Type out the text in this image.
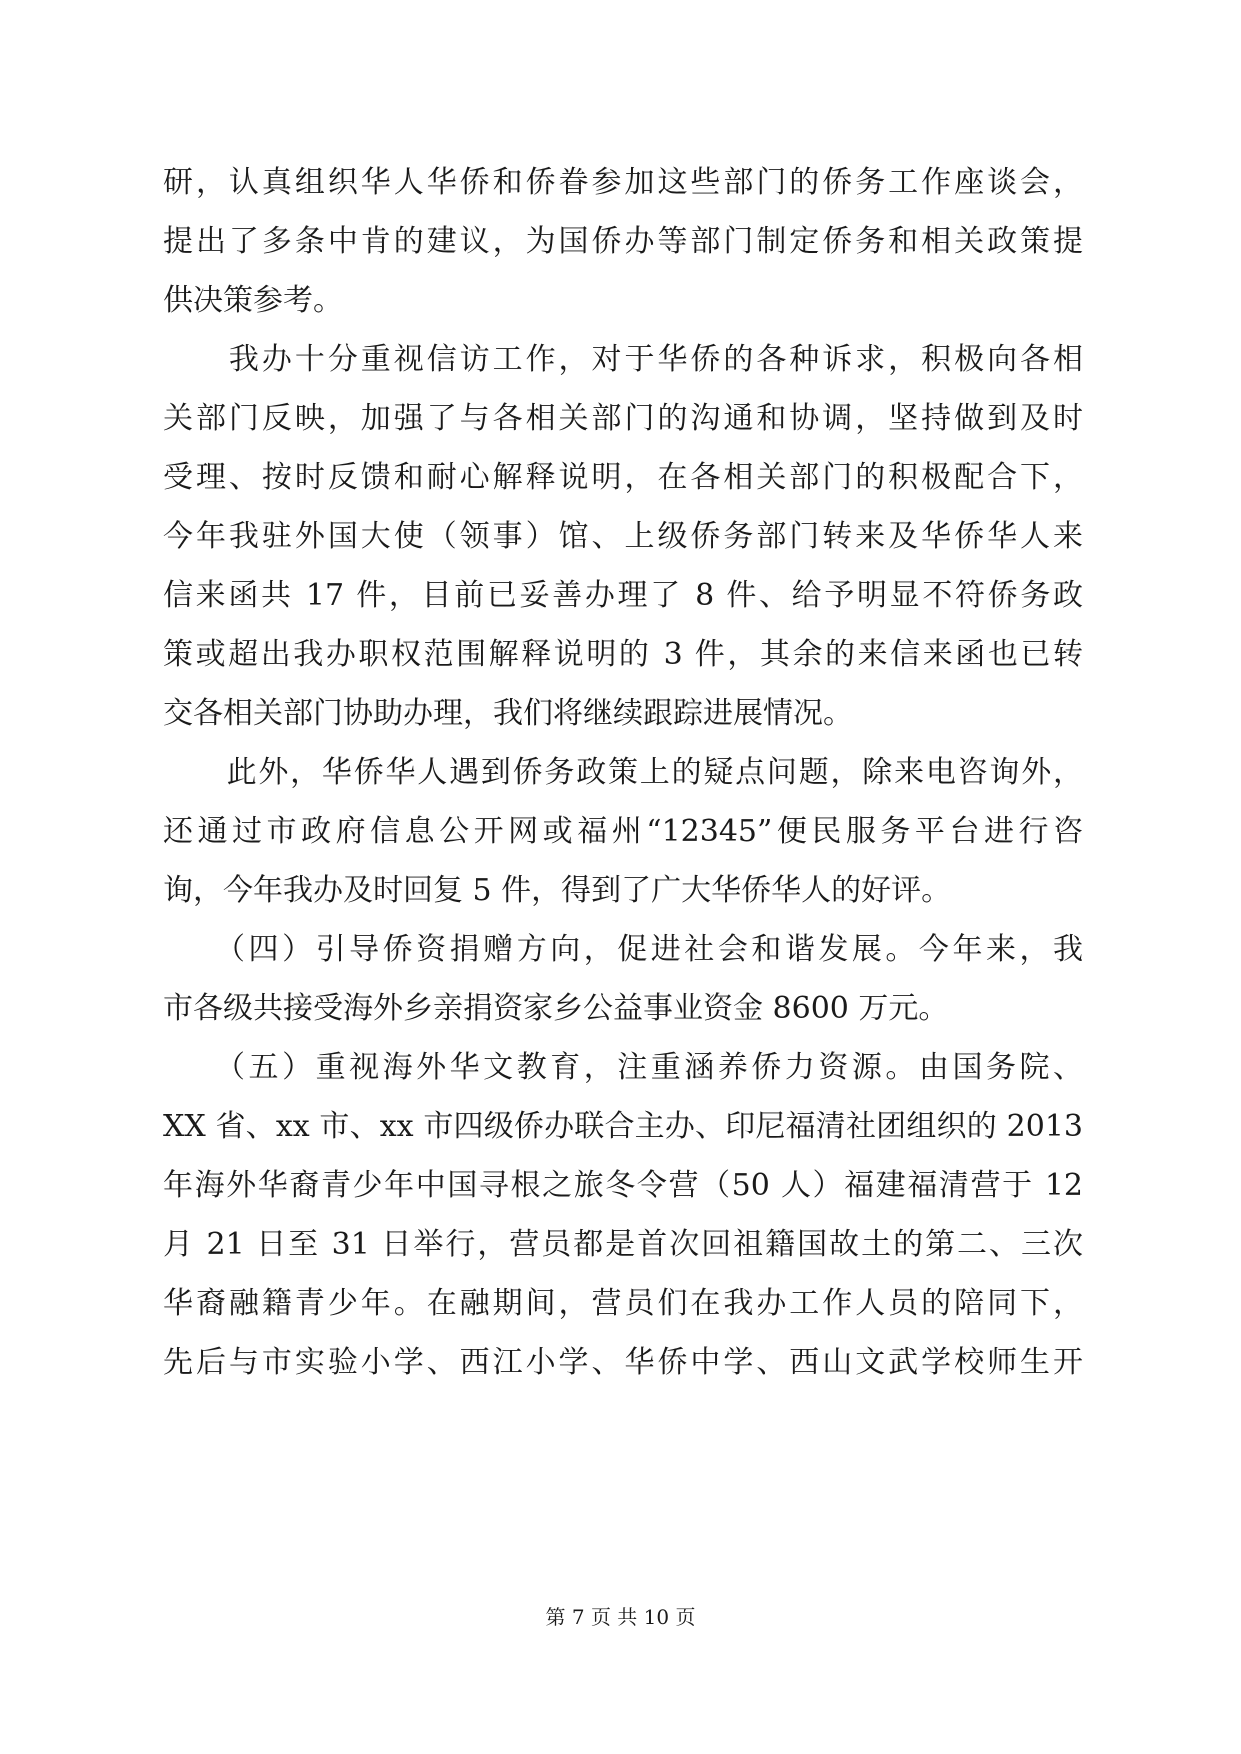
研，认真组织华人华侨和侨眷参加这些部门的侨务工作座谈会，
提出了多条中肯的建议，为国侨办等部门制定侨务和相关政策提
供决策参考。
　　我办十分重视信访工作，对于华侨的各种诉求，积极向各相
关部门反映，加强了与各相关部门的沟通和协调，坚持做到及时
受理、按时反馈和耐心解释说明，在各相关部门的积极配合下，
今年我驻外国大使（领事）馆、上级侨务部门转来及华侨华人来
信来函共 17 件，目前已妥善办理了 8 件、给予明显不符侨务政
策或超出我办职权范围解释说明的 3 件，其余的来信来函也已转
交各相关部门协助办理，我们将继续跟踪进展情况。
　　此外，华侨华人遇到侨务政策上的疑点问题，除来电咨询外，
还通过市政府信息公开网或福州“12345”便民服务平台进行咨
询，今年我办及时回复 5 件，得到了广大华侨华人的好评。
　　（四）引导侨资捐赠方向，促进社会和谐发展。今年来，我
市各级共接受海外乡亲捐资家乡公益事业资金 8600 万元。
　　（五）重视海外华文教育，注重涵养侨力资源。由国务院、
XX 省、xx 市、xx 市四级侨办联合主办、印尼福清社团组织的 2013
年海外华裔青少年中国寻根之旅冬令营（50 人）福建福清营于 12
月 21 日至 31 日举行，营员都是首次回祖籍国故土的第二、三次
华裔融籍青少年。在融期间，营员们在我办工作人员的陪同下，
先后与市实验小学、西江小学、华侨中学、西山文武学校师生开
第 7 页 共 10 页
